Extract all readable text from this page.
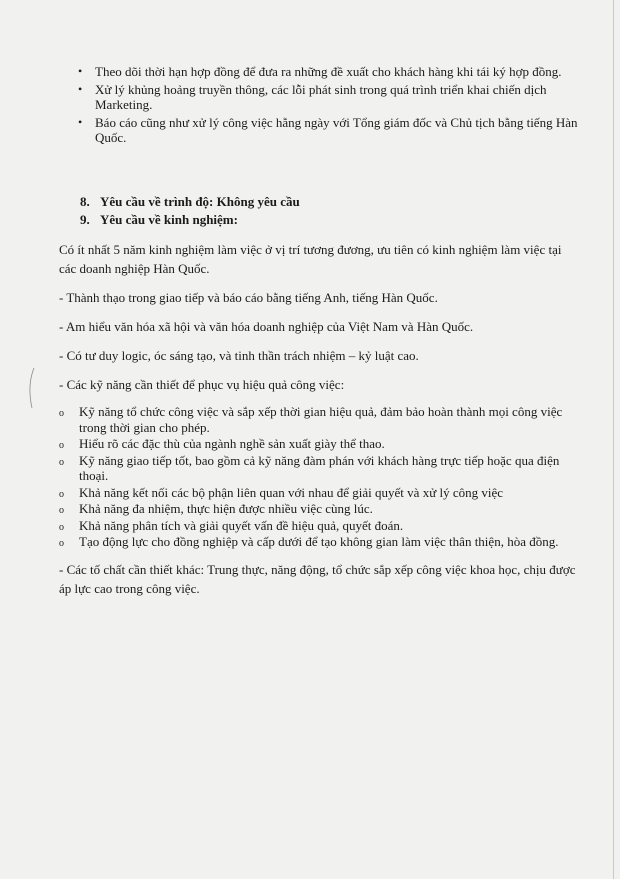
• Theo dõi thời hạn hợp đồng để đưa ra những đề xuất cho khách hàng khi tái ký hợp đồng.
• Xử lý khủng hoảng truyền thông, các lỗi phát sinh trong quá trình triển khai chiến dịch Marketing.
• Báo cáo cũng như xử lý công việc hằng ngày với Tổng giám đốc và Chủ tịch bằng tiếng Hàn Quốc.
8. Yêu cầu về trình độ: Không yêu cầu
9. Yêu cầu về kinh nghiệm:

Có ít nhất 5 năm kinh nghiệm làm việc ở vị trí tương đương, ưu tiên có kinh nghiệm làm việc tại các doanh nghiệp Hàn Quốc.

- Thành thạo trong giao tiếp và báo cáo bằng tiếng Anh, tiếng Hàn Quốc.

- Am hiểu văn hóa xã hội và văn hóa doanh nghiệp của Việt Nam và Hàn Quốc.

- Có tư duy logic, óc sáng tạo, và tinh thần trách nhiệm – kỷ luật cao.

- Các kỹ năng cần thiết để phục vụ hiệu quả công việc:

o Kỹ năng tổ chức công việc và sắp xếp thời gian hiệu quả, đảm bảo hoàn thành mọi công việc trong thời gian cho phép.
o Hiểu rõ các đặc thù của ngành nghề sản xuất giày thể thao.
o Kỹ năng giao tiếp tốt, bao gồm cả kỹ năng đàm phán với khách hàng trực tiếp hoặc qua điện thoại.
o Khả năng kết nối các bộ phận liên quan với nhau để giải quyết và xử lý công việc
o Khả năng đa nhiệm, thực hiện được nhiều việc cùng lúc.
o Khả năng phân tích và giải quyết vấn đề hiệu quả, quyết đoán.
o Tạo động lực cho đồng nghiệp và cấp dưới để tạo không gian làm việc thân thiện, hòa đồng.

- Các tố chất cần thiết khác: Trung thực, năng động, tổ chức sắp xếp công việc khoa học, chịu được áp lực cao trong công việc.
